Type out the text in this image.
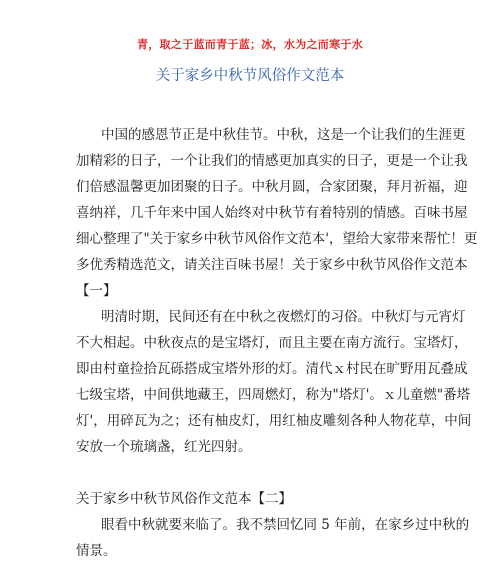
青，取之于蓝而青于蓝；冰，水为之而寒于水
关于家乡中秋节风俗作文范本
中国的感恩节正是中秋佳节。中秋，这是一个让我们的生涯更
加精彩的日子，一个让我们的情感更加真实的日子，更是一个让我
们倍感温馨更加团聚的日子。中秋月圆，合家团聚，拜月祈福，迎
喜纳祥，几千年来中国人始终对中秋节有着特别的情感。百味书屋
细心整理了"关于家乡中秋节风俗作文范本'，望给大家带来帮忙！更
多优秀精选范文，请关注百味书屋！关于家乡中秋节风俗作文范本
【一】
明清时期，民间还有在中秋之夜燃灯的习俗。中秋灯与元宵灯
不大相起。中秋夜点的是宝塔灯，而且主要在南方流行。宝塔灯，
即由村童捡拾瓦砾搭成宝塔外形的灯。清代ｘ村民在旷野用瓦叠成
七级宝塔，中间供地藏王，四周燃灯，称为"塔灯'。ｘ儿童燃"番塔
灯'，用碎瓦为之；还有柚皮灯，用红柚皮雕刻各种人物花草，中间
安放一个琉璃盏，红光四射。
关于家乡中秋节风俗作文范本【二】
眼看中秋就要来临了。我不禁回忆同 5 年前，在家乡过中秋的
情景。
